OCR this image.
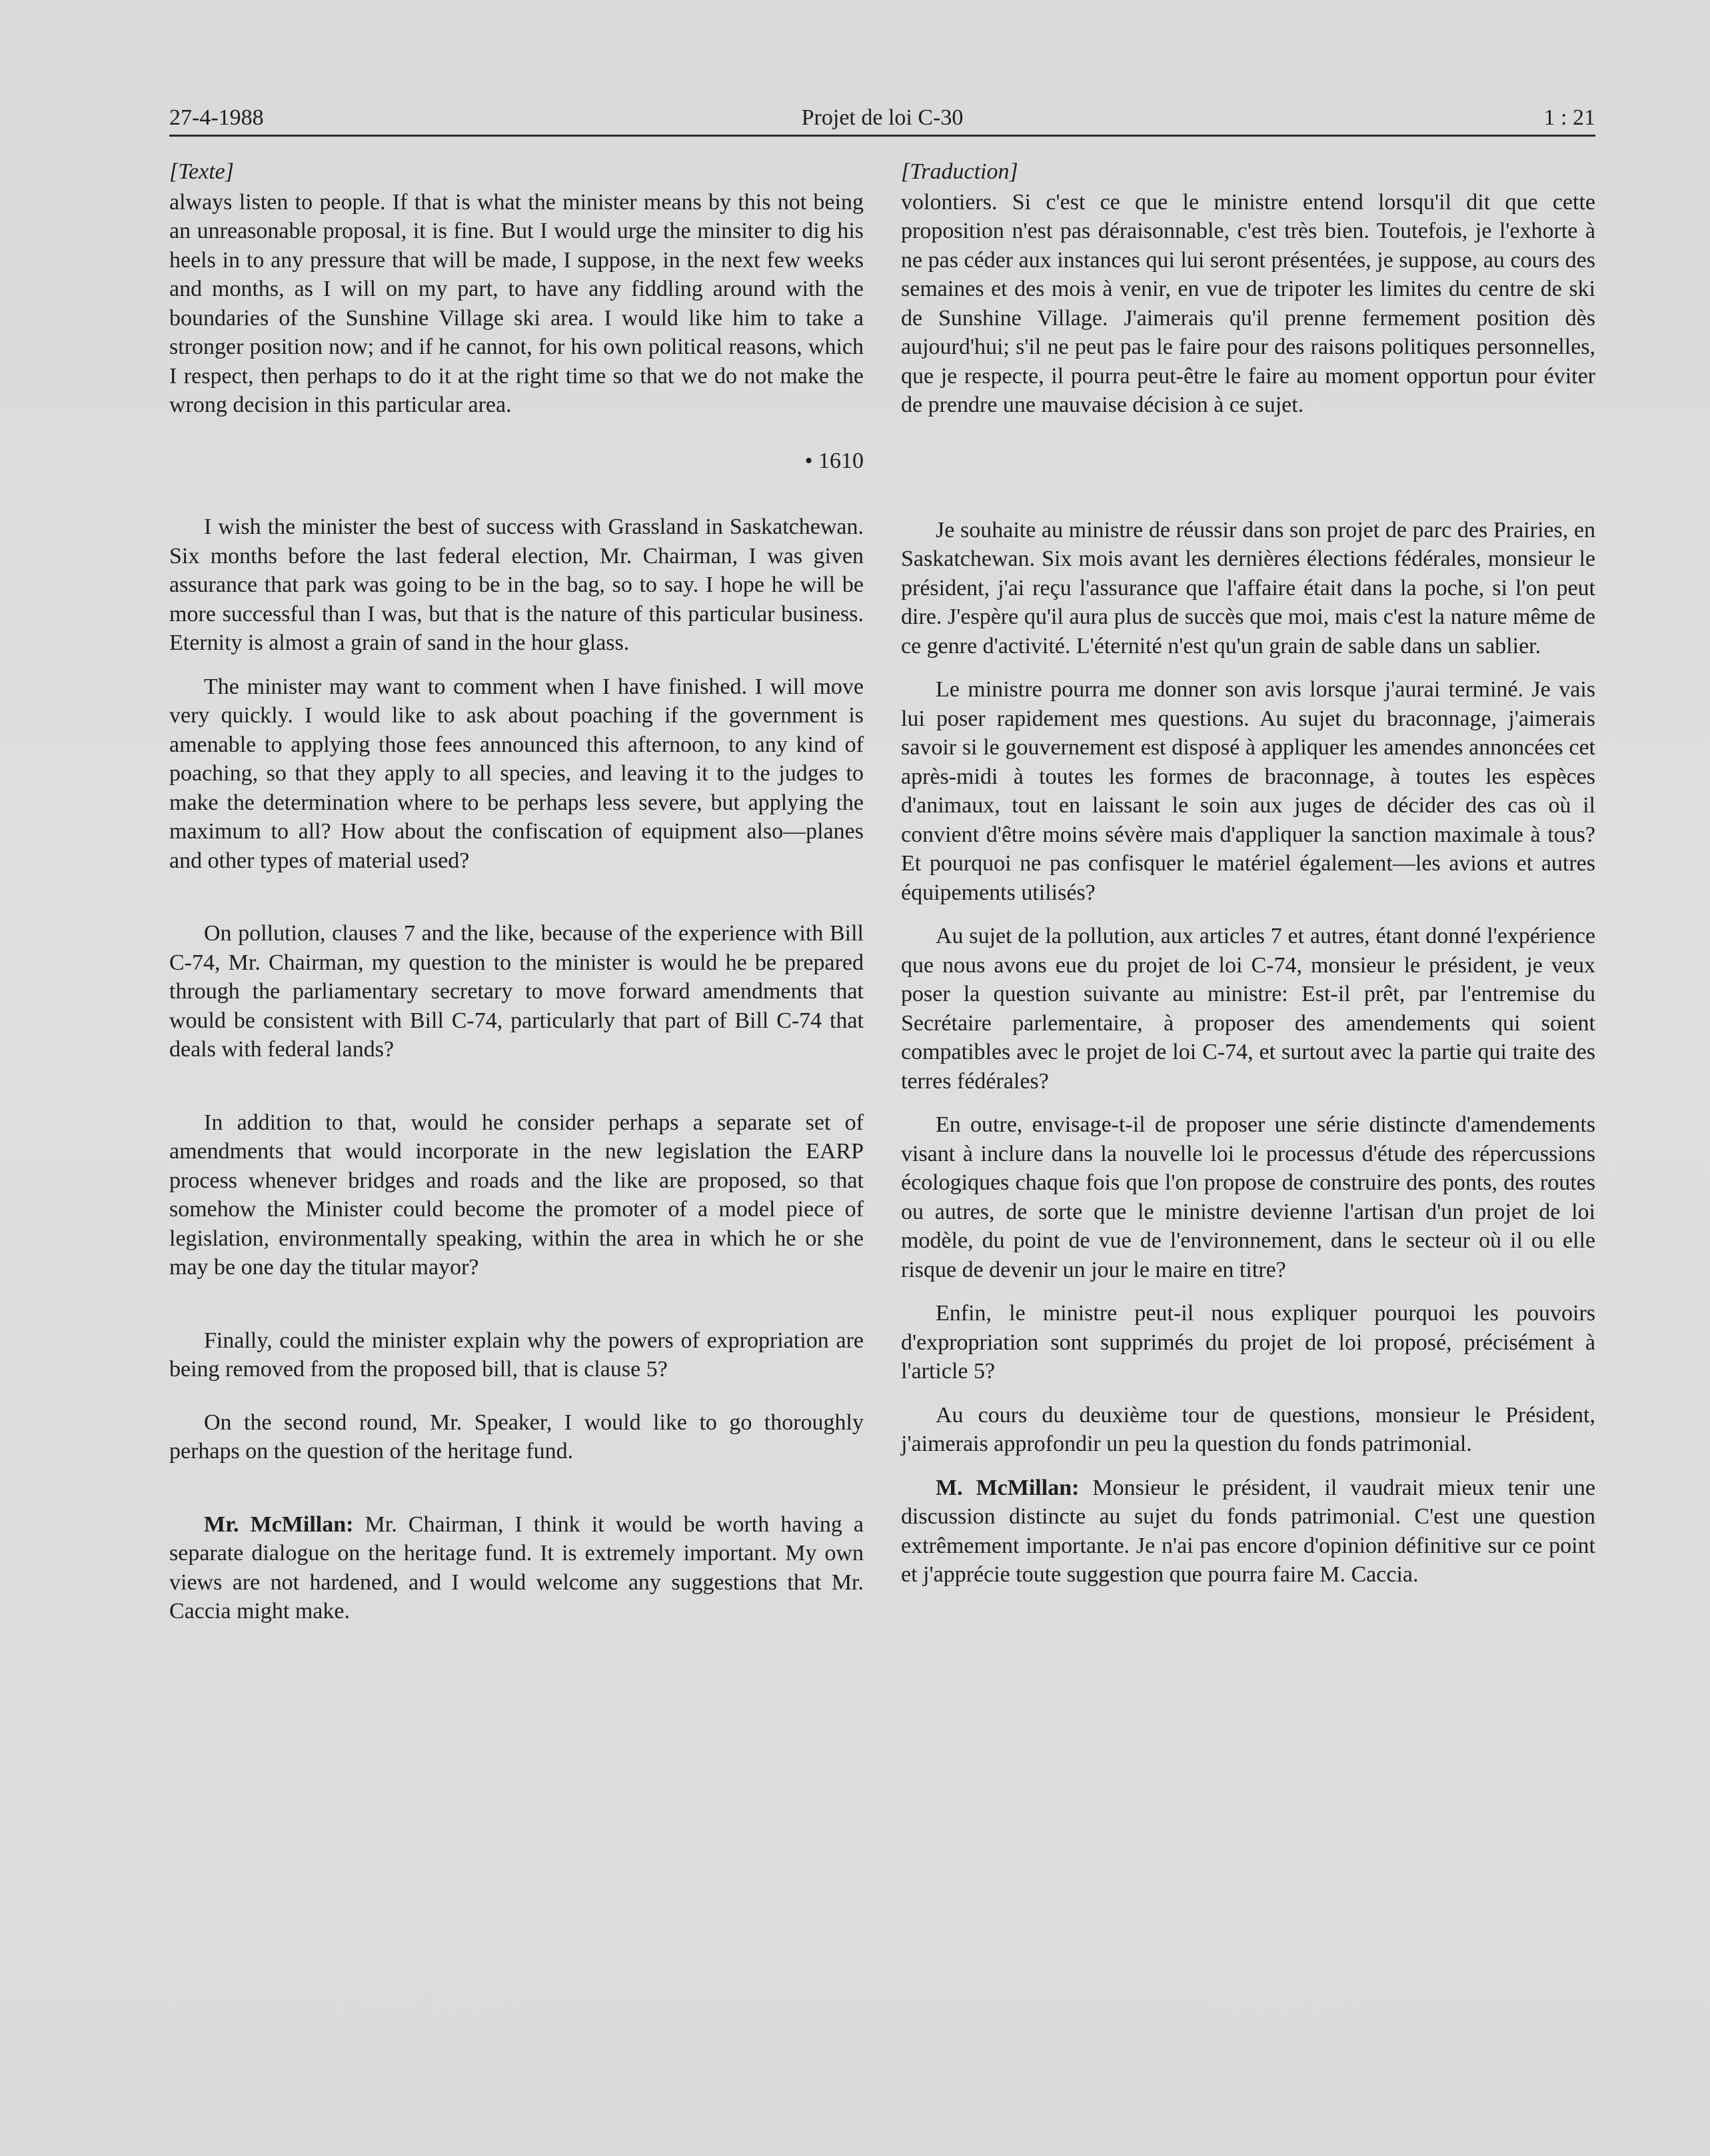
27-4-1988	Projet de loi C-30	1 : 21
[Texte]

always listen to people. If that is what the minister means by this not being an unreasonable proposal, it is fine. But I would urge the minsiter to dig his heels in to any pressure that will be made, I suppose, in the next few weeks and months, as I will on my part, to have any fiddling around with the boundaries of the Sunshine Village ski area. I would like him to take a stronger position now; and if he cannot, for his own political reasons, which I respect, then perhaps to do it at the right time so that we do not make the wrong decision in this particular area.

• 1610

I wish the minister the best of success with Grassland in Saskatchewan. Six months before the last federal election, Mr. Chairman, I was given assurance that park was going to be in the bag, so to say. I hope he will be more successful than I was, but that is the nature of this particular business. Eternity is almost a grain of sand in the hour glass.

The minister may want to comment when I have finished. I will move very quickly. I would like to ask about poaching if the government is amenable to applying those fees announced this afternoon, to any kind of poaching, so that they apply to all species, and leaving it to the judges to make the determination where to be perhaps less severe, but applying the maximum to all? How about the confiscation of equipment also—planes and other types of material used?

On pollution, clauses 7 and the like, because of the experience with Bill C-74, Mr. Chairman, my question to the minister is would he be prepared through the parliamentary secretary to move forward amendments that would be consistent with Bill C-74, particularly that part of Bill C-74 that deals with federal lands?

In addition to that, would he consider perhaps a separate set of amendments that would incorporate in the new legislation the EARP process whenever bridges and roads and the like are proposed, so that somehow the Minister could become the promoter of a model piece of legislation, environmentally speaking, within the area in which he or she may be one day the titular mayor?

Finally, could the minister explain why the powers of expropriation are being removed from the proposed bill, that is clause 5?

On the second round, Mr. Speaker, I would like to go thoroughly perhaps on the question of the heritage fund.

Mr. McMillan: Mr. Chairman, I think it would be worth having a separate dialogue on the heritage fund. It is extremely important. My own views are not hardened, and I would welcome any suggestions that Mr. Caccia might make.

[Traduction]

volontiers. Si c'est ce que le ministre entend lorsqu'il dit que cette proposition n'est pas déraisonnable, c'est très bien. Toutefois, je l'exhorte à ne pas céder aux instances qui lui seront présentées, je suppose, au cours des semaines et des mois à venir, en vue de tripoter les limites du centre de ski de Sunshine Village. J'aimerais qu'il prenne fermement position dès aujourd'hui; s'il ne peut pas le faire pour des raisons politiques personnelles, que je respecte, il pourra peut-être le faire au moment opportun pour éviter de prendre une mauvaise décision à ce sujet.

Je souhaite au ministre de réussir dans son projet de parc des Prairies, en Saskatchewan. Six mois avant les dernières élections fédérales, monsieur le président, j'ai reçu l'assurance que l'affaire était dans la poche, si l'on peut dire. J'espère qu'il aura plus de succès que moi, mais c'est la nature même de ce genre d'activité. L'éternité n'est qu'un grain de sable dans un sablier.

Le ministre pourra me donner son avis lorsque j'aurai terminé. Je vais lui poser rapidement mes questions. Au sujet du braconnage, j'aimerais savoir si le gouvernement est disposé à appliquer les amendes annoncées cet après-midi à toutes les formes de braconnage, à toutes les espèces d'animaux, tout en laissant le soin aux juges de décider des cas où il convient d'être moins sévère mais d'appliquer la sanction maximale à tous? Et pourquoi ne pas confisquer le matériel également—les avions et autres équipements utilisés?

Au sujet de la pollution, aux articles 7 et autres, étant donné l'expérience que nous avons eue du projet de loi C-74, monsieur le président, je veux poser la question suivante au ministre: Est-il prêt, par l'entremise du Secrétaire parlementaire, à proposer des amendements qui soient compatibles avec le projet de loi C-74, et surtout avec la partie qui traite des terres fédérales?

En outre, envisage-t-il de proposer une série distincte d'amendements visant à inclure dans la nouvelle loi le processus d'étude des répercussions écologiques chaque fois que l'on propose de construire des ponts, des routes ou autres, de sorte que le ministre devienne l'artisan d'un projet de loi modèle, du point de vue de l'environnement, dans le secteur où il ou elle risque de devenir un jour le maire en titre?

Enfin, le ministre peut-il nous expliquer pourquoi les pouvoirs d'expropriation sont supprimés du projet de loi proposé, précisément à l'article 5?

Au cours du deuxième tour de questions, monsieur le Président, j'aimerais approfondir un peu la question du fonds patrimonial.

M. McMillan: Monsieur le président, il vaudrait mieux tenir une discussion distincte au sujet du fonds patrimonial. C'est une question extrêmement importante. Je n'ai pas encore d'opinion définitive sur ce point et j'apprécie toute suggestion que pourra faire M. Caccia.
